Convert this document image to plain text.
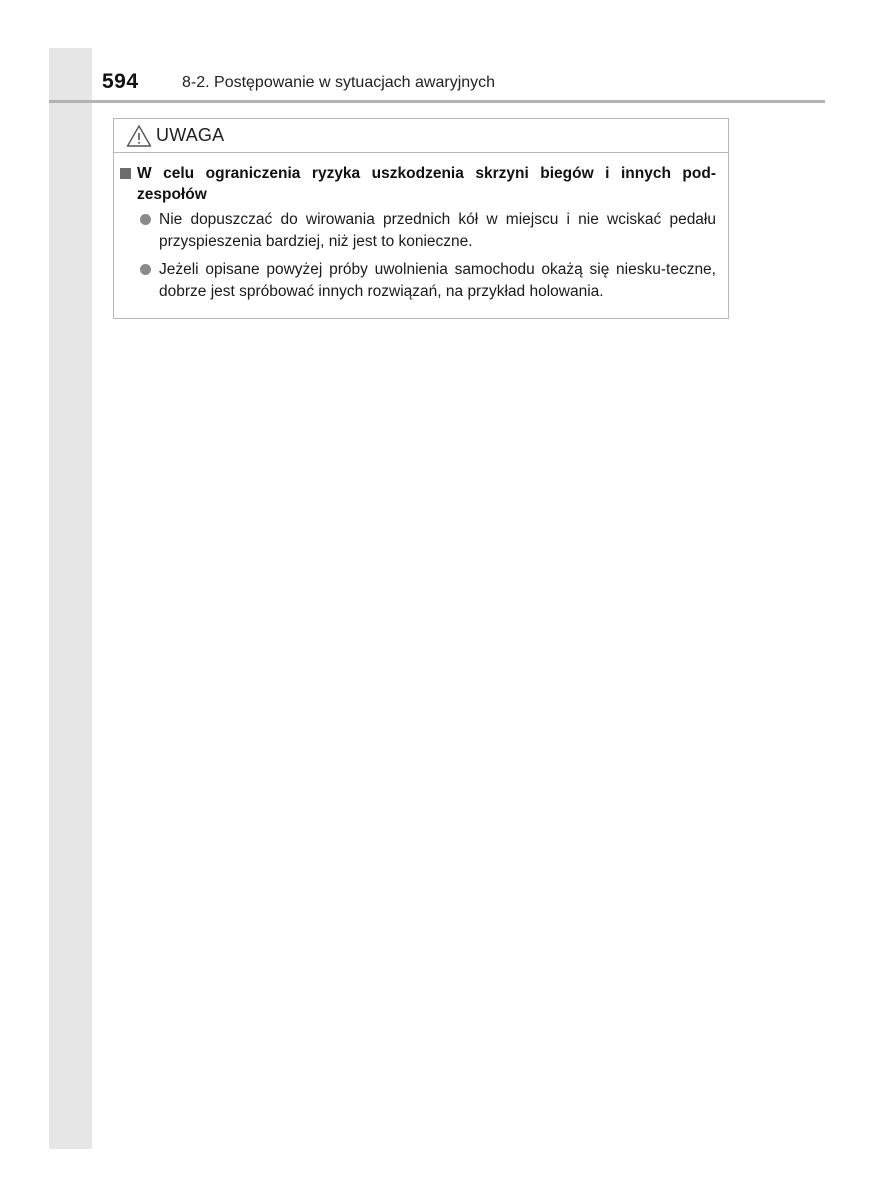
594	8-2. Postępowanie w sytuacjach awaryjnych
UWAGA
W celu ograniczenia ryzyka uszkodzenia skrzyni biegów i innych pod-zespołów
Nie dopuszczać do wirowania przednich kół w miejscu i nie wciskać pedału przyspieszenia bardziej, niż jest to konieczne.
Jeżeli opisane powyżej próby uwolnienia samochodu okażą się niesku-teczne, dobrze jest spróbować innych rozwiązań, na przykład holowania.
